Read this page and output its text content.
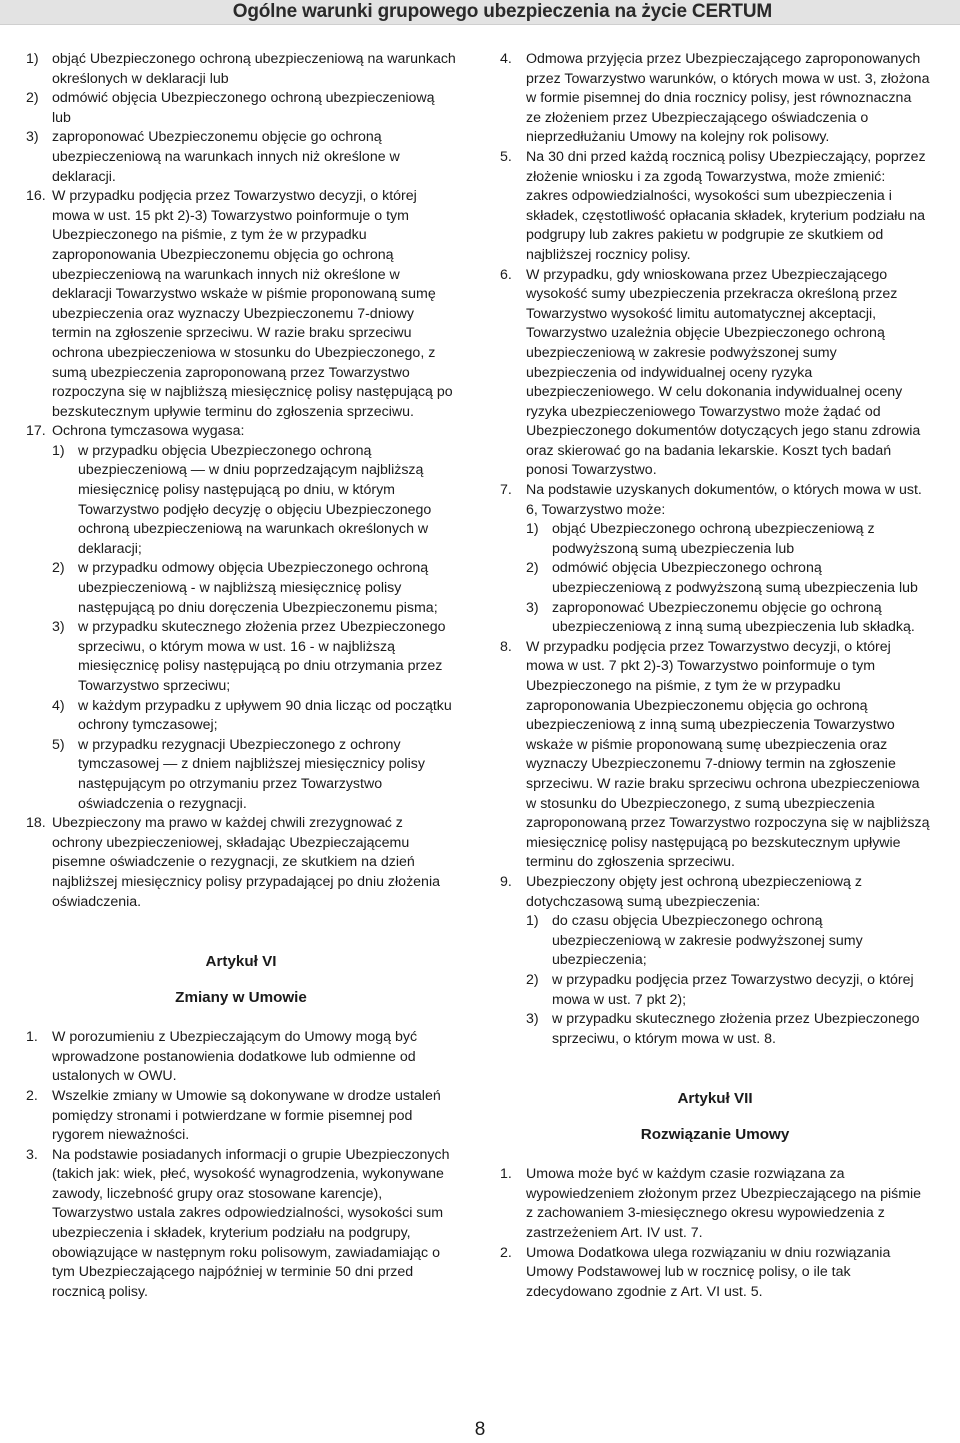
Ogólne warunki grupowego ubezpieczenia na życie CERTUM
1) objąć Ubezpieczonego ochroną ubezpieczeniową na warunkach określonych w deklaracji lub
2) odmówić objęcia Ubezpieczonego ochroną ubezpieczeniową lub
3) zaproponować Ubezpieczonemu objęcie go ochroną ubezpieczeniową na warunkach innych niż określone w deklaracji.
16. W przypadku podjęcia przez Towarzystwo decyzji, o której mowa w ust. 15 pkt 2)-3) Towarzystwo poinformuje o tym Ubezpieczonego na piśmie, z tym że w przypadku zaproponowania Ubezpieczonemu objęcia go ochroną ubezpieczeniową na warunkach innych niż określone w deklaracji Towarzystwo wskaże w piśmie proponowaną sumę ubezpieczenia oraz wyznaczy Ubezpieczonemu 7-dniowy termin na zgłoszenie sprzeciwu. W razie braku sprzeciwu ochrona ubezpieczeniowa w stosunku do Ubezpieczonego, z sumą ubezpieczenia zaproponowaną przez Towarzystwo rozpoczyna się w najbliższą miesięcznicę polisy następującą po bezskutecznym upływie terminu do zgłoszenia sprzeciwu.
17. Ochrona tymczasowa wygasa:
1) w przypadku objęcia Ubezpieczonego ochroną ubezpieczeniową — w dniu poprzedzającym najbliższą miesięcznicę polisy następującą po dniu, w którym Towarzystwo podjęło decyzję o objęciu Ubezpieczonego ochroną ubezpieczeniową na warunkach określonych w deklaracji;
2) w przypadku odmowy objęcia Ubezpieczonego ochroną ubezpieczeniową - w najbliższą miesięcznicę polisy następującą po dniu doręczenia Ubezpieczonemu pisma;
3) w przypadku skutecznego złożenia przez Ubezpieczonego sprzeciwu, o którym mowa w ust. 16 - w najbliższą miesięcznicę polisy następującą po dniu otrzymania przez Towarzystwo sprzeciwu;
4) w każdym przypadku z upływem 90 dnia licząc od początku ochrony tymczasowej;
5) w przypadku rezygnacji Ubezpieczonego z ochrony tymczasowej — z dniem najbliższej miesięcznicy polisy następującym po otrzymaniu przez Towarzystwo oświadczenia o rezygnacji.
18. Ubezpieczony ma prawo w każdej chwili zrezygnować z ochrony ubezpieczeniowej, składając Ubezpieczającemu pisemne oświadczenie o rezygnacji, ze skutkiem na dzień najbliższej miesięcznicy polisy przypadającej po dniu złożenia oświadczenia.
Artykuł VI
Zmiany w Umowie
1. W porozumieniu z Ubezpieczającym do Umowy mogą być wprowadzone postanowienia dodatkowe lub odmienne od ustalonych w OWU.
2. Wszelkie zmiany w Umowie są dokonywane w drodze ustaleń pomiędzy stronami i potwierdzane w formie pisemnej pod rygorem nieważności.
3. Na podstawie posiadanych informacji o grupie Ubezpieczonych (takich jak: wiek, płeć, wysokość wynagrodzenia, wykonywane zawody, liczebność grupy oraz stosowane karencje), Towarzystwo ustala zakres odpowiedzialności, wysokości sum ubezpieczenia i składek, kryterium podziału na podgrupy, obowiązujące w następnym roku polisowym, zawiadamiając o tym Ubezpieczającego najpóźniej w terminie 50 dni przed rocznicą polisy.
4. Odmowa przyjęcia przez Ubezpieczającego zaproponowanych przez Towarzystwo warunków, o których mowa w ust. 3, złożona w formie pisemnej do dnia rocznicy polisy, jest równoznaczna ze złożeniem przez Ubezpieczającego oświadczenia o nieprzedłużaniu Umowy na kolejny rok polisowy.
5. Na 30 dni przed każdą rocznicą polisy Ubezpieczający, poprzez złożenie wniosku i za zgodą Towarzystwa, może zmienić: zakres odpowiedzialności, wysokości sum ubezpieczenia i składek, częstotliwość opłacania składek, kryterium podziału na podgrupy lub zakres pakietu w podgrupie ze skutkiem od najbliższej rocznicy polisy.
6. W przypadku, gdy wnioskowana przez Ubezpieczającego wysokość sumy ubezpieczenia przekracza określoną przez Towarzystwo wysokość limitu automatycznej akceptacji, Towarzystwo uzależnia objęcie Ubezpieczonego ochroną ubezpieczeniową w zakresie podwyższonej sumy ubezpieczenia od indywidualnej oceny ryzyka ubezpieczeniowego. W celu dokonania indywidualnej oceny ryzyka ubezpieczeniowego Towarzystwo może żądać od Ubezpieczonego dokumentów dotyczących jego stanu zdrowia oraz skierować go na badania lekarskie. Koszt tych badań ponosi Towarzystwo.
7. Na podstawie uzyskanych dokumentów, o których mowa w ust. 6, Towarzystwo może:
1) objąć Ubezpieczonego ochroną ubezpieczeniową z podwyższoną sumą ubezpieczenia lub
2) odmówić objęcia Ubezpieczonego ochroną ubezpieczeniową z podwyższoną sumą ubezpieczenia lub
3) zaproponować Ubezpieczonemu objęcie go ochroną ubezpieczeniową z inną sumą ubezpieczenia lub składką.
8. W przypadku podjęcia przez Towarzystwo decyzji, o której mowa w ust. 7 pkt 2)-3) Towarzystwo poinformuje o tym Ubezpieczonego na piśmie, z tym że w przypadku zaproponowania Ubezpieczonemu objęcia go ochroną ubezpieczeniową z inną sumą ubezpieczenia Towarzystwo wskaże w piśmie proponowaną sumę ubezpieczenia oraz wyznaczy Ubezpieczonemu 7-dniowy termin na zgłoszenie sprzeciwu. W razie braku sprzeciwu ochrona ubezpieczeniowa w stosunku do Ubezpieczonego, z sumą ubezpieczenia zaproponowaną przez Towarzystwo rozpoczyna się w najbliższą miesięcznicę polisy następującą po bezskutecznym upływie terminu do zgłoszenia sprzeciwu.
9. Ubezpieczony objęty jest ochroną ubezpieczeniową z dotychczasową sumą ubezpieczenia:
1) do czasu objęcia Ubezpieczonego ochroną ubezpieczeniową w zakresie podwyższonej sumy ubezpieczenia;
2) w przypadku podjęcia przez Towarzystwo decyzji, o której mowa w ust. 7 pkt 2);
3) w przypadku skutecznego złożenia przez Ubezpieczonego sprzeciwu, o którym mowa w ust. 8.
Artykuł VII
Rozwiązanie Umowy
1. Umowa może być w każdym czasie rozwiązana za wypowiedzeniem złożonym przez Ubezpieczającego na piśmie z zachowaniem 3-miesięcznego okresu wypowiedzenia z zastrzeżeniem Art. IV ust. 7.
2. Umowa Dodatkowa ulega rozwiązaniu w dniu rozwiązania Umowy Podstawowej lub w rocznicę polisy, o ile tak zdecydowano zgodnie z Art. VI ust. 5.
8
